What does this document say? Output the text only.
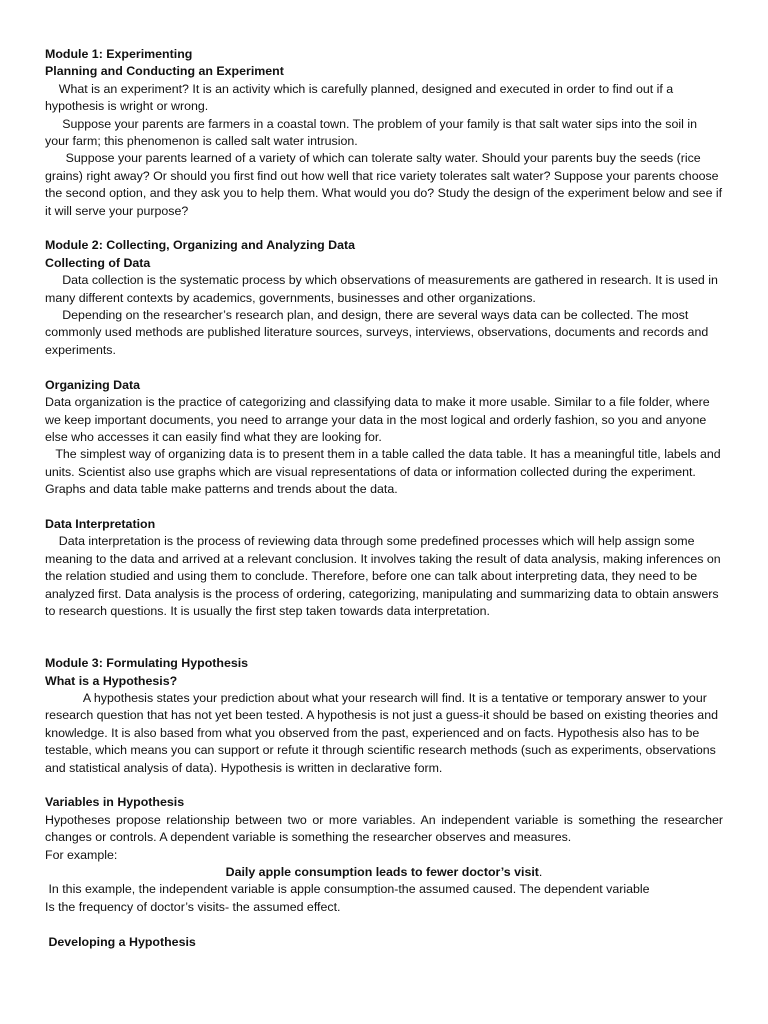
Module 1: Experimenting

Planning and Conducting an Experiment

What is an experiment? It is an activity which is carefully planned, designed and executed in order to find out if a hypothesis is wright or wrong.

Suppose your parents are farmers in a coastal town. The problem of your family is that salt water sips into the soil in your farm; this phenomenon is called salt water intrusion.

Suppose your parents learned of a variety of which can tolerate salty water. Should your parents buy the seeds (rice grains) right away? Or should you first find out how well that rice variety tolerates salt water? Suppose your parents choose the second option, and they ask you to help them. What would you do? Study the design of the experiment below and see if it will serve your purpose?

Module 2: Collecting, Organizing and Analyzing Data

Collecting of Data

Data collection is the systematic process by which observations of measurements are gathered in research. It is used in many different contexts by academics, governments, businesses and other organizations.

Depending on the researcher’s research plan, and design, there are several ways data can be collected. The most commonly used methods are published literature sources, surveys, interviews, observations, documents and records and experiments.

Organizing Data

Data organization is the practice of categorizing and classifying data to make it more usable. Similar to a file folder, where we keep important documents, you need to arrange your data in the most logical and orderly fashion, so you and anyone else who accesses it can easily find what they are looking for.

The simplest way of organizing data is to present them in a table called the data table. It has a meaningful title, labels and units. Scientist also use graphs which are visual representations of data or information collected during the experiment. Graphs and data table make patterns and trends about the data.

Data Interpretation

Data interpretation is the process of reviewing data through some predefined processes which will help assign some meaning to the data and arrived at a relevant conclusion. It involves taking the result of data analysis, making inferences on the relation studied and using them to conclude. Therefore, before one can talk about interpreting data, they need to be analyzed first. Data analysis is the process of ordering, categorizing, manipulating and summarizing data to obtain answers to research questions. It is usually the first step taken towards data interpretation.

Module 3: Formulating Hypothesis

What is a Hypothesis?

A hypothesis states your prediction about what your research will find. It is a tentative or temporary answer to your research question that has not yet been tested. A hypothesis is not just a guess-it should be based on existing theories and knowledge. It is also based from what you observed from the past, experienced and on facts. Hypothesis also has to be testable, which means you can support or refute it through scientific research methods (such as experiments, observations and statistical analysis of data). Hypothesis is written in declarative form.

Variables in Hypothesis

Hypotheses propose relationship between two or more variables. An independent variable is something the researcher changes or controls. A dependent variable is something the researcher observes and measures.

For example:

Daily apple consumption leads to fewer doctor’s visit.

In this example, the independent variable is apple consumption-the assumed caused. The dependent variable

Is the frequency of doctor’s visits- the assumed effect.

Developing a Hypothesis
